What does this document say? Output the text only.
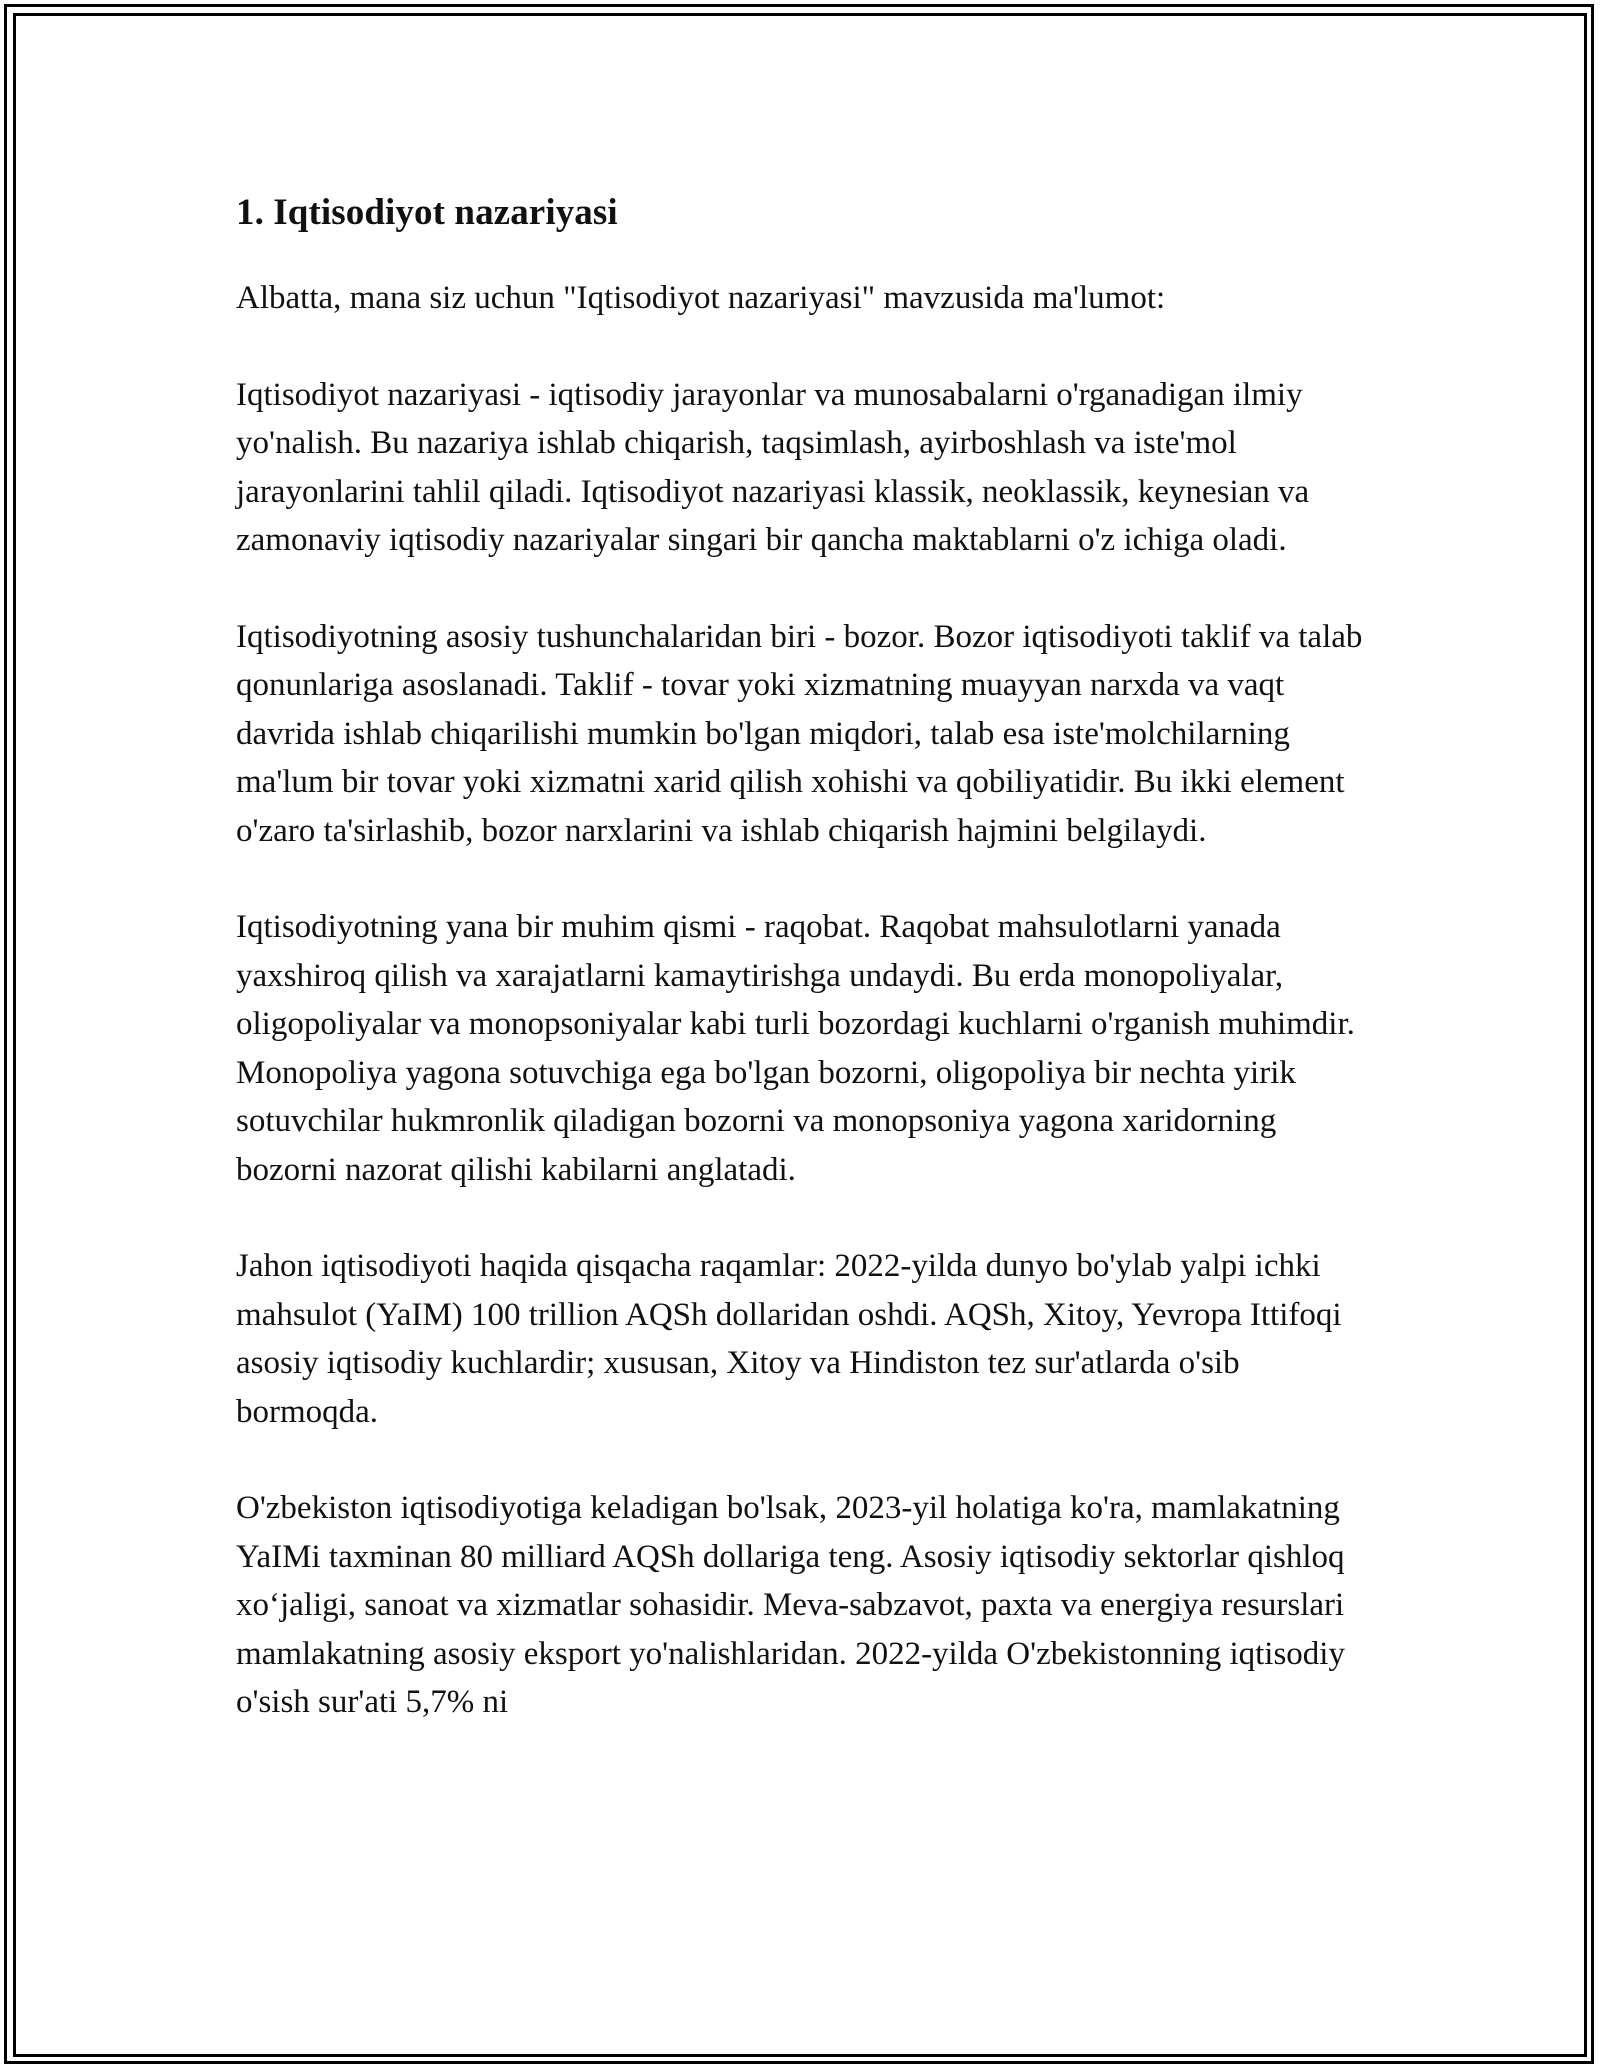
1. Iqtisodiyot nazariyasi

Albatta, mana siz uchun "Iqtisodiyot nazariyasi" mavzusida ma'lumot:

Iqtisodiyot nazariyasi - iqtisodiy jarayonlar va munosabalarni o'rganadigan ilmiy yo'nalish. Bu nazariya ishlab chiqarish, taqsimlash, ayirboshlash va iste'mol jarayonlarini tahlil qiladi. Iqtisodiyot nazariyasi klassik, neoklassik, keynesian va zamonaviy iqtisodiy nazariyalar singari bir qancha maktablarni o'z ichiga oladi.

Iqtisodiyotning asosiy tushunchalaridan biri - bozor. Bozor iqtisodiyoti taklif va talab qonunlariga asoslanadi. Taklif - tovar yoki xizmatning muayyan narxda va vaqt davrida ishlab chiqarilishi mumkin bo'lgan miqdori, talab esa iste'molchilarning ma'lum bir tovar yoki xizmatni xarid qilish xohishi va qobiliyatidir. Bu ikki element o'zaro ta'sirlashib, bozor narxlarini va ishlab chiqarish hajmini belgilaydi.

Iqtisodiyotning yana bir muhim qismi - raqobat. Raqobat mahsulotlarni yanada yaxshiroq qilish va xarajatlarni kamaytirishga undaydi. Bu erda monopoliyalar, oligopoliyalar va monopsoniyalar kabi turli bozordagi kuchlarni o'rganish muhimdir. Monopoliya yagona sotuvchiga ega bo'lgan bozorni, oligopoliya bir nechta yirik sotuvchilar hukmronlik qiladigan bozorni va monopsoniya yagona xaridorning bozorni nazorat qilishi kabilarni anglatadi.

Jahon iqtisodiyoti haqida qisqacha raqamlar: 2022-yilda dunyo bo'ylab yalpi ichki mahsulot (YaIM) 100 trillion AQSh dollaridan oshdi. AQSh, Xitoy, Yevropa Ittifoqi asosiy iqtisodiy kuchlardir; xususan, Xitoy va Hindiston tez sur'atlarda o'sib bormoqda.

O'zbekiston iqtisodiyotiga keladigan bo'lsak, 2023-yil holatiga ko'ra, mamlakatning YaIMi taxminan 80 milliard AQSh dollariga teng. Asosiy iqtisodiy sektorlar qishloq xo‘jaligi, sanoat va xizmatlar sohasidir. Meva-sabzavot, paxta va energiya resurslari mamlakatning asosiy eksport yo'nalishlaridan. 2022-yilda O'zbekistonning iqtisodiy o'sish sur'ati 5,7% ni
